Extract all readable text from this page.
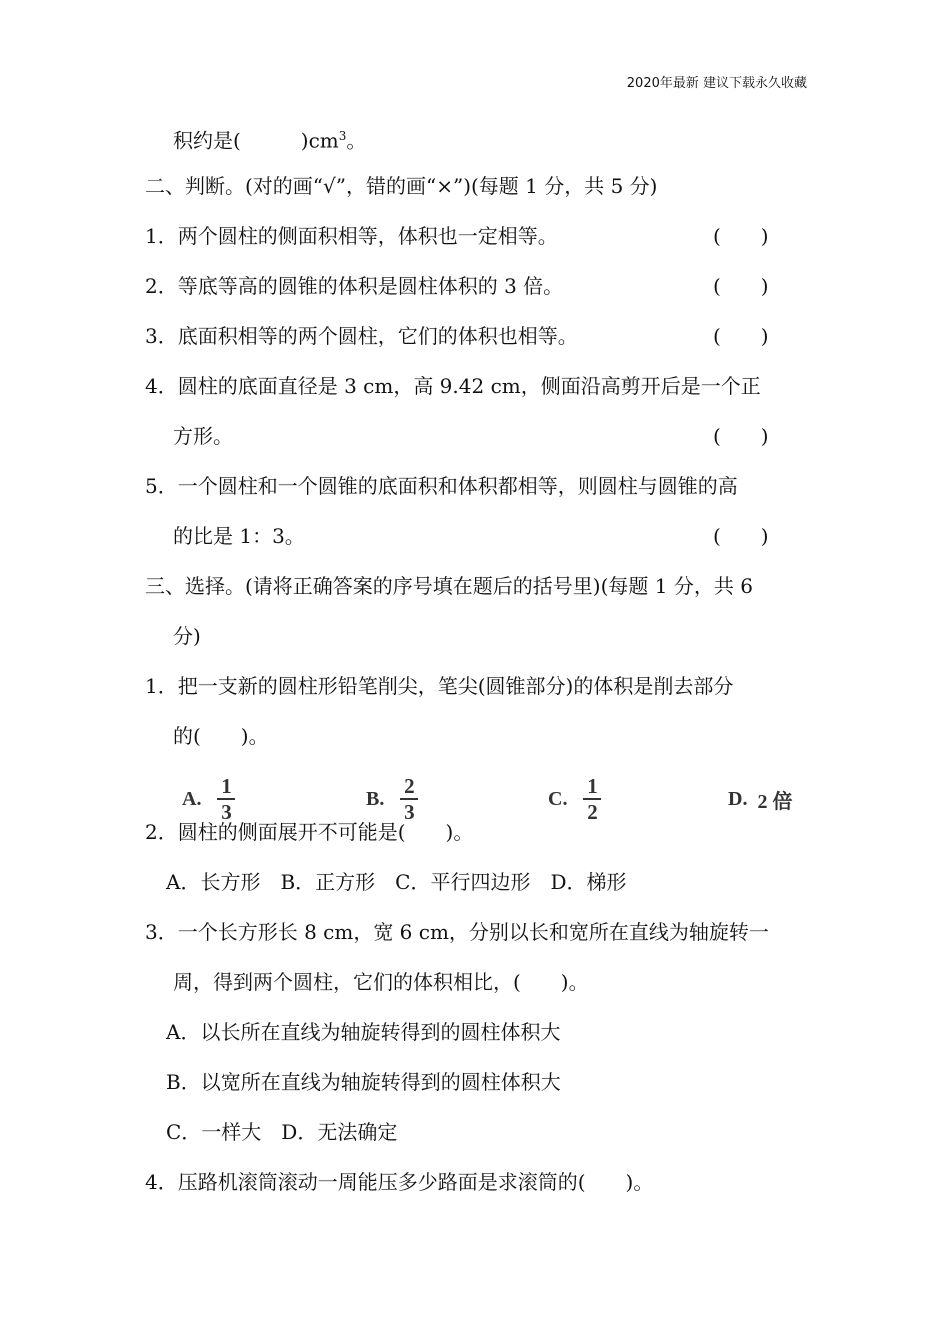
2020年最新 建议下载永久收藏
积约是(　　　)$cm^3$。
二、判断。(对的画“√”，错的画“×”)(每题 1 分，共 5 分)
1．两个圆柱的侧面积相等，体积也一定相等。	(　　)
2．等底等高的圆锥的体积是圆柱体积的 3 倍。	(　　)
3．底面积相等的两个圆柱，它们的体积也相等。	(　　)
4．圆柱的底面直径是 3 cm，高 9.42 cm，侧面沿高剪开后是一个正
方形。	(　　)
5．一个圆柱和一个圆锥的底面积和体积都相等，则圆柱与圆锥的高
的比是 1：3。	(　　)
三、选择。(请将正确答案的序号填在题后的括号里)(每题 1 分，共 6
分)
1．把一支新的圆柱形铅笔削尖，笔尖(圆锥部分)的体积是削去部分
的(　　)。
A. $\frac{1}{3}$	B. $\frac{2}{3}$	C. $\frac{1}{2}$	D. 2 倍
2．圆柱的侧面展开不可能是(　　)。
A．长方形　B．正方形　C．平行四边形　D．梯形
3．一个长方形长 8 cm，宽 6 cm，分别以长和宽所在直线为轴旋转一
周，得到两个圆柱，它们的体积相比，(　　)。
A．以长所在直线为轴旋转得到的圆柱体积大
B．以宽所在直线为轴旋转得到的圆柱体积大
C．一样大　D．无法确定
4．压路机滚筒滚动一周能压多少路面是求滚筒的(　　)。
